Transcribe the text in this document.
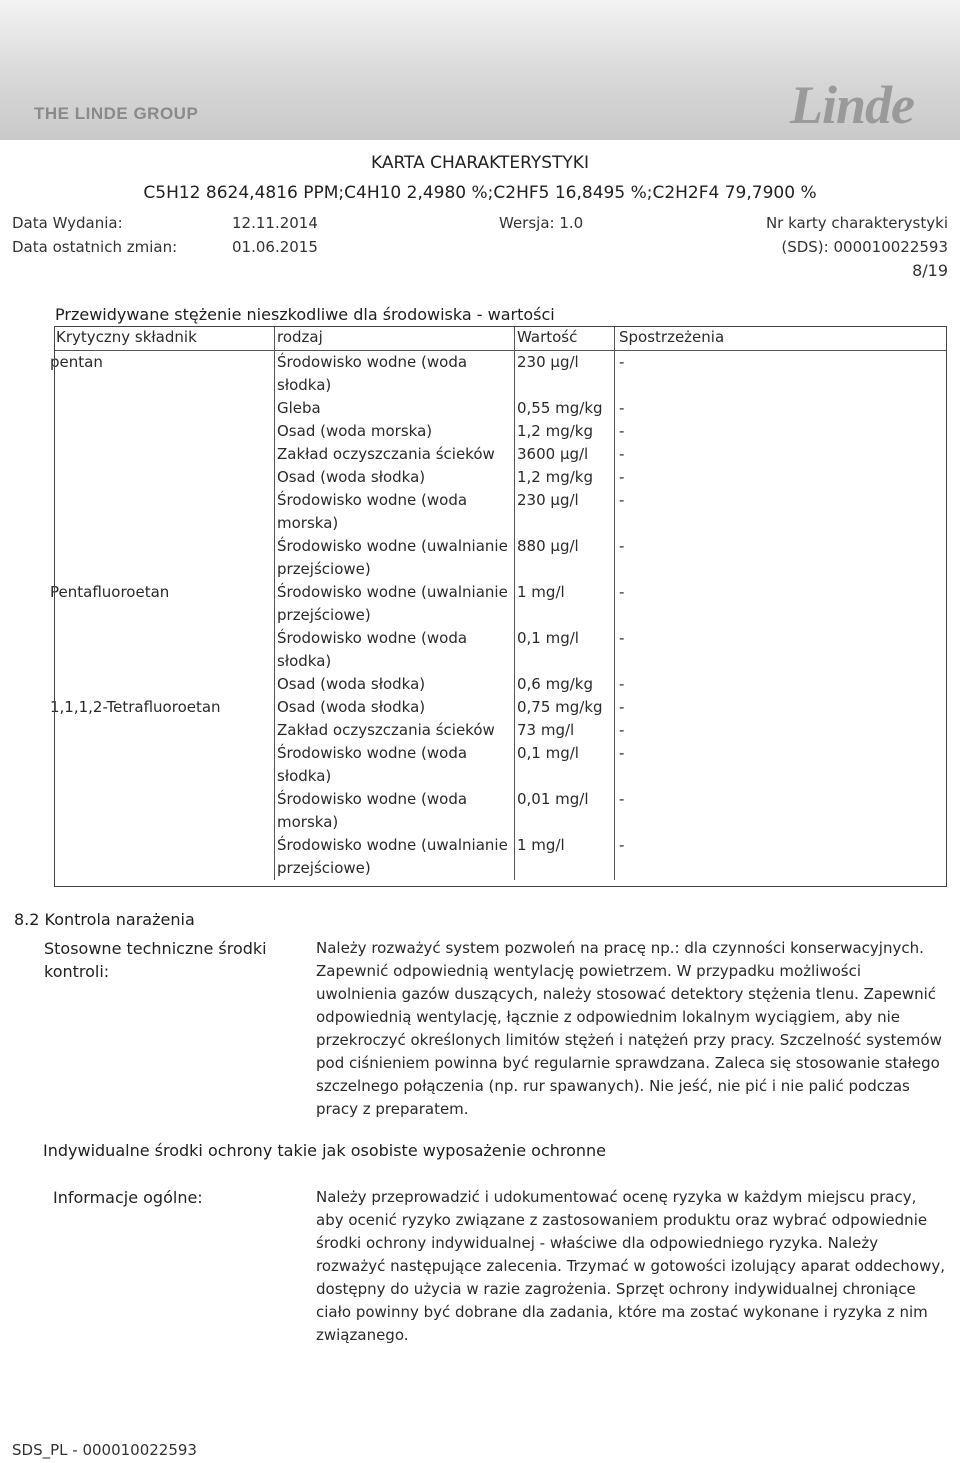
THE LINDE GROUP	Linde
KARTA CHARAKTERYSTYKI
C5H12 8624,4816 PPM;C4H10 2,4980 %;C2HF5 16,8495 %;C2H2F4 79,7900 %
Data Wydania:	12.11.2014	Wersja: 1.0	Nr karty charakterystyki
Data ostatnich zmian:	01.06.2015	(SDS): 000010022593
8/19
Przewidywane stężenie nieszkodliwe dla środowiska - wartości
Krytyczny składnik	rodzaj	Wartość	Spostrzeżenia
pentan	Środowisko wodne (woda słodka)	230 µg/l	-
	Gleba	0,55 mg/kg	-
	Osad (woda morska)	1,2 mg/kg	-
	Zakład oczyszczania ścieków	3600 µg/l	-
	Osad (woda słodka)	1,2 mg/kg	-
	Środowisko wodne (woda morska)	230 µg/l	-
	Środowisko wodne (uwalnianie przejściowe)	880 µg/l	-
Pentafluoroetan	Środowisko wodne (uwalnianie przejściowe)	1 mg/l	-
	Środowisko wodne (woda słodka)	0,1 mg/l	-
	Osad (woda słodka)	0,6 mg/kg	-
1,1,1,2-Tetrafluoroetan	Osad (woda słodka)	0,75 mg/kg	-
	Zakład oczyszczania ścieków	73 mg/l	-
	Środowisko wodne (woda słodka)	0,1 mg/l	-
	Środowisko wodne (woda morska)	0,01 mg/l	-
	Środowisko wodne (uwalnianie przejściowe)	1 mg/l	-
8.2 Kontrola narażenia
Stosowne techniczne środki kontroli:
Należy rozważyć system pozwoleń na pracę np.: dla czynności konserwacyjnych. Zapewnić odpowiednią wentylację powietrzem. W przypadku możliwości uwolnienia gazów duszących, należy stosować detektory stężenia tlenu. Zapewnić odpowiednią wentylację, łącznie z odpowiednim lokalnym wyciągiem, aby nie przekroczyć określonych limitów stężeń i natężeń przy pracy. Szczelność systemów pod ciśnieniem powinna być regularnie sprawdzana. Zaleca się stosowanie stałego szczelnego połączenia (np. rur spawanych). Nie jeść, nie pić i nie palić podczas pracy z preparatem.
Indywidualne środki ochrony takie jak osobiste wyposażenie ochronne
Informacje ogólne:	Należy przeprowadzić i udokumentować ocenę ryzyka w każdym miejscu pracy, aby ocenić ryzyko związane z zastosowaniem produktu oraz wybrać odpowiednie środki ochrony indywidualnej - właściwe dla odpowiedniego ryzyka. Należy rozważyć następujące zalecenia. Trzymać w gotowości izolujący aparat oddechowy, dostępny do użycia w razie zagrożenia. Sprzęt ochrony indywidualnej chroniące ciało powinny być dobrane dla zadania, które ma zostać wykonane i ryzyka z nim związanego.
SDS_PL - 000010022593
